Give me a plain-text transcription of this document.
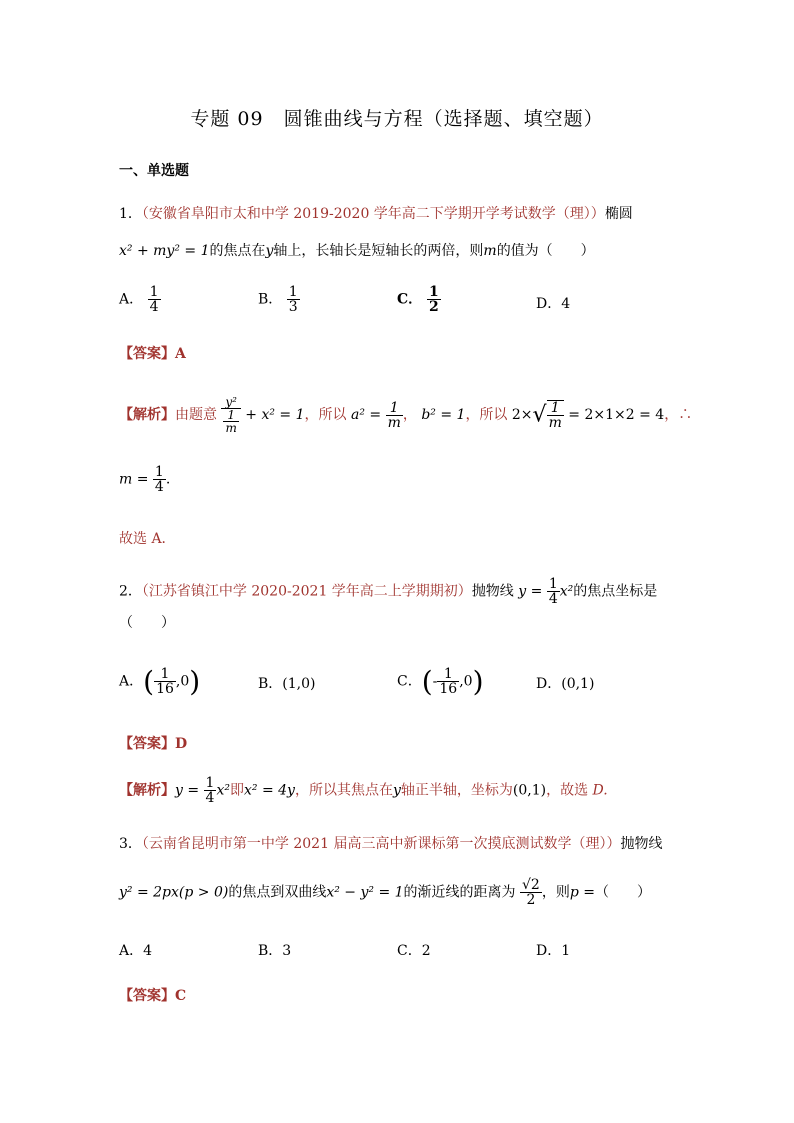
专题 09　圆锥曲线与方程（选择题、填空题）
一、单选题
1．（安徽省阜阳市太和中学 2019-2020 学年高二下学期开学考试数学（理））椭圆
x² + my² = 1的焦点在y轴上，长轴长是短轴长的两倍，则m的值为（　　）
A． $\frac{1}{4}$	B． $\frac{1}{3}$	C． $\frac{1}{2}$	D．4
【答案】A
【解析】由题意 $\frac{\text{y²}}{\frac{1}{m}} + x^2 = 1$，所以 $a^2 = \frac{1}{m}$ ， b² = 1，所以 $2\times√ \frac{1}{m} = 2\times 1\times 2 = 4$，∴
$m = \frac{1}{4}$ .
故选 A．
2．（江苏省镇江中学 2020-2021 学年高二上学期期初）抛物线 $y = \frac{1}{4} x^2$的焦点坐标是
（　　）
A．( $\frac{1}{16} ,0$)	B．(1,0)	C．(- $\frac{1}{16} ,0$)	D．(0,1)
【答案】D
【解析】$y = \frac{1}{4} x^2$即x² = 4y，所以其焦点在y轴正半轴，坐标为(0,1)，故选 D.
3．（云南省昆明市第一中学 2021 届高三高中新课标第一次摸底测试数学（理））抛物线
y² = 2px(p > 0)的焦点到双曲线x² − y² = 1的渐近线的距离为 $\frac{√2}{2}$ ，则p =（　　）
A．4	B．3	C．2	D．1
【答案】C
